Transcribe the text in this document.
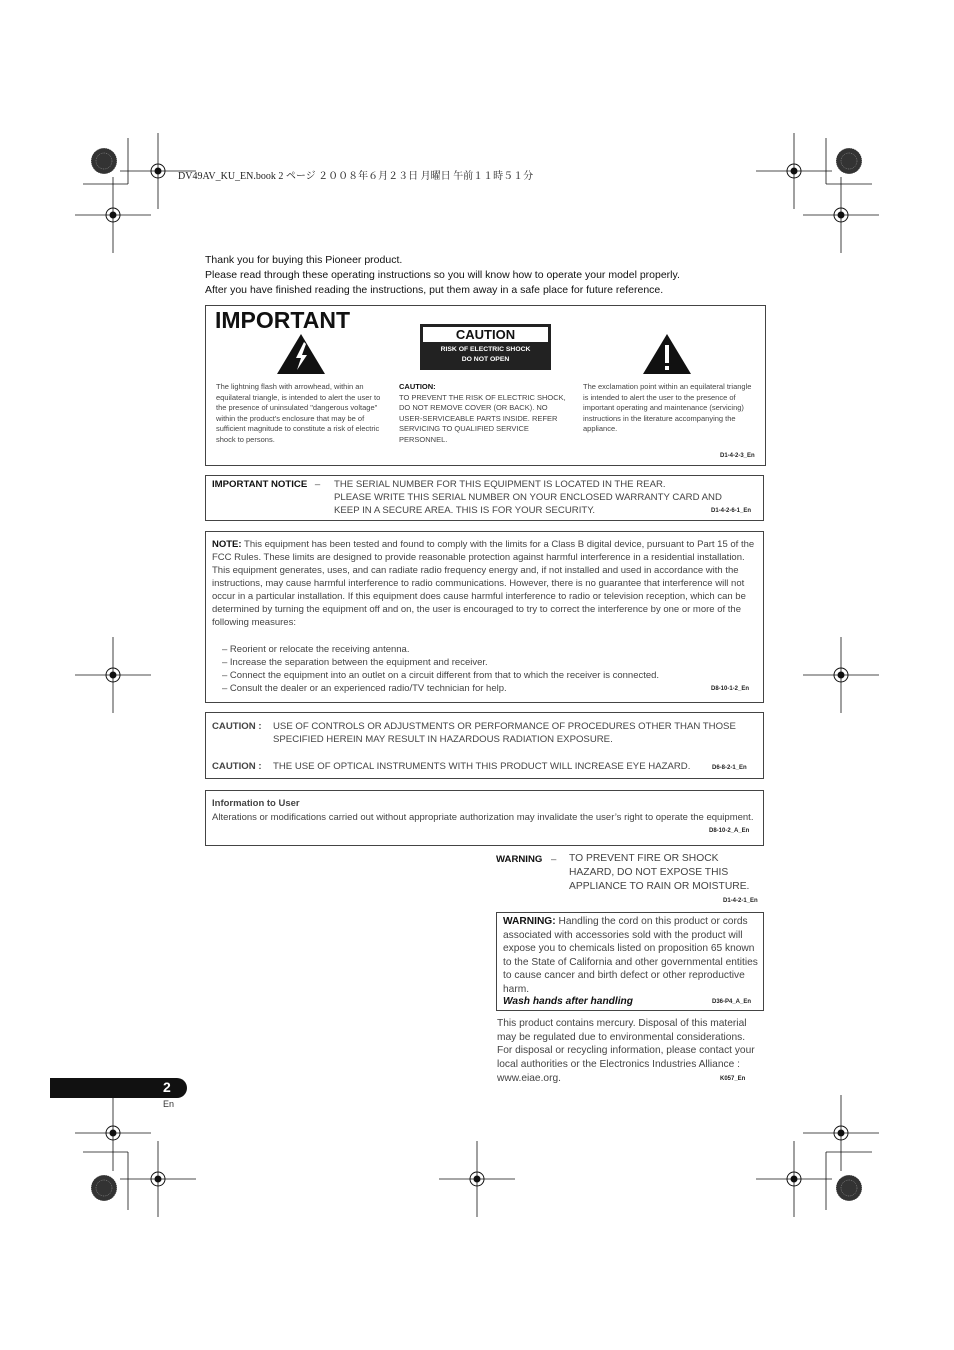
DV49AV_KU_EN.book 2 ページ ２００８年６月２３日 月曜日 午前１１時５１分
Thank you for buying this Pioneer product.
Please read through these operating instructions so you will know how to operate your model properly.
After you have finished reading the instructions, put them away in a safe place for future reference.
IMPORTANT
CAUTION
RISK OF ELECTRIC SHOCK
DO NOT OPEN
The lightning flash with arrowhead, within an equilateral triangle, is intended to alert the user to the presence of uninsulated "dangerous voltage" within the product's enclosure that may be of sufficient magnitude to constitute a risk of electric shock to persons.
CAUTION:
TO PREVENT THE RISK OF ELECTRIC SHOCK, DO NOT REMOVE COVER (OR BACK). NO USER-SERVICEABLE PARTS INSIDE. REFER SERVICING TO QUALIFIED SERVICE PERSONNEL.
The exclamation point within an equilateral triangle is intended to alert the user to the presence of important operating and maintenance (servicing) instructions in the literature accompanying the appliance.
D1-4-2-3_En
IMPORTANT NOTICE – THE SERIAL NUMBER FOR THIS EQUIPMENT IS LOCATED IN THE REAR.
PLEASE WRITE THIS SERIAL NUMBER ON YOUR ENCLOSED WARRANTY CARD AND
KEEP IN A SECURE AREA. THIS IS FOR YOUR SECURITY.	D1-4-2-6-1_En
NOTE: This equipment has been tested and found to comply with the limits for a Class B digital device, pursuant to Part 15 of the FCC Rules. These limits are designed to provide reasonable protection against harmful interference in a residential installation. This equipment generates, uses, and can radiate radio frequency energy and, if not installed and used in accordance with the instructions, may cause harmful interference to radio communications. However, there is no guarantee that interference will not occur in a particular installation. If this equipment does cause harmful interference to radio or television reception, which can be determined by turning the equipment off and on, the user is encouraged to try to correct the interference by one or more of the following measures:
– Reorient or relocate the receiving antenna.
– Increase the separation between the equipment and receiver.
– Connect the equipment into an outlet on a circuit different from that to which the receiver is connected.
– Consult the dealer or an experienced radio/TV technician for help.	D8-10-1-2_En
CAUTION : USE OF CONTROLS OR ADJUSTMENTS OR PERFORMANCE OF PROCEDURES OTHER THAN THOSE SPECIFIED HEREIN MAY RESULT IN HAZARDOUS RADIATION EXPOSURE.
CAUTION : THE USE OF OPTICAL INSTRUMENTS WITH THIS PRODUCT WILL INCREASE EYE HAZARD.	D6-8-2-1_En
Information to User
Alterations or modifications carried out without appropriate authorization may invalidate the user’s right to operate the equipment.
D8-10-2_A_En
WARNING – TO PREVENT FIRE OR SHOCK
HAZARD, DO NOT EXPOSE THIS
APPLIANCE TO RAIN OR MOISTURE.
D1-4-2-1_En
WARNING: Handling the cord on this product or cords associated with accessories sold with the product will expose you to chemicals listed on proposition 65 known to the State of California and other governmental entities to cause cancer and birth defect or other reproductive harm.
Wash hands after handling	D36-P4_A_En
This product contains mercury. Disposal of this material may be regulated due to environmental considerations. For disposal or recycling information, please contact your local authorities or the Electronics Industries Alliance : www.eiae.org.	K057_En
2
En
